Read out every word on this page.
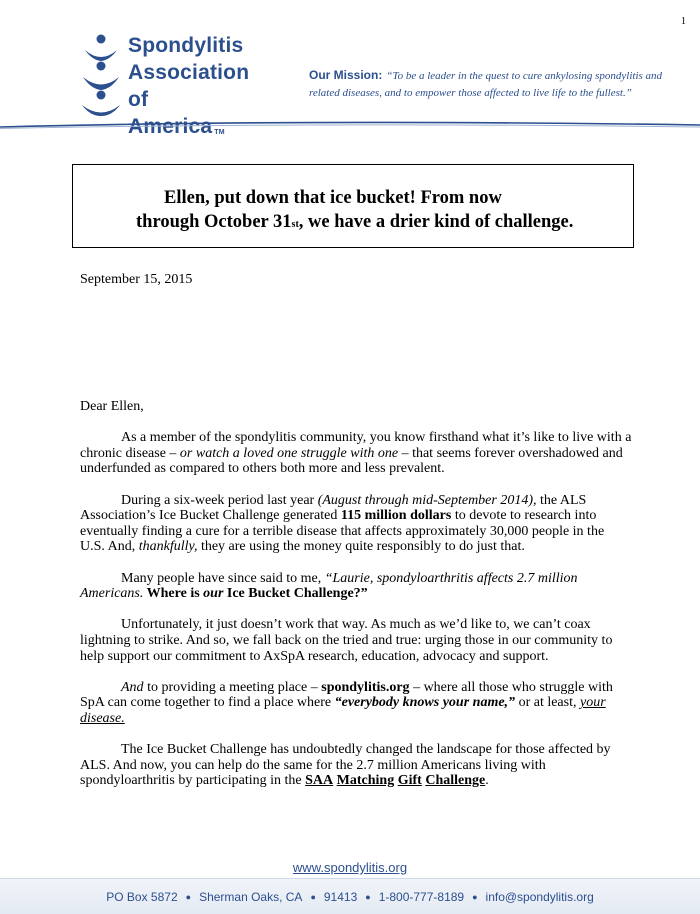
1
Spondylitis
Association
of America ™
Our Mission: “To be a leader in the quest to cure ankylosing spondylitis and related diseases, and to empower those affected to live life to the fullest.”
Ellen, put down that ice bucket! From now
through October 31st, we have a drier kind of challenge.
September 15, 2015

Dear Ellen,

As a member of the spondylitis community, you know firsthand what it’s like to live with a chronic disease – or watch a loved one struggle with one – that seems forever overshadowed and underfunded as compared to others both more and less prevalent.

During a six-week period last year (August through mid-September 2014), the ALS Association’s Ice Bucket Challenge generated 115 million dollars to devote to research into eventually finding a cure for a terrible disease that affects approximately 30,000 people in the U.S. And, thankfully, they are using the money quite responsibly to do just that.

Many people have since said to me, “Laurie, spondyloarthritis affects 2.7 million Americans. Where is our Ice Bucket Challenge?”

Unfortunately, it just doesn’t work that way. As much as we’d like to, we can’t coax lightning to strike. And so, we fall back on the tried and true: urging those in our community to help support our commitment to AxSpA research, education, advocacy and support.

And to providing a meeting place – spondylitis.org – where all those who struggle with SpA can come together to find a place where “everybody knows your name,” or at least, your disease.

The Ice Bucket Challenge has undoubtedly changed the landscape for those affected by ALS. And now, you can help do the same for the 2.7 million Americans living with spondyloarthritis by participating in the SAA Matching Gift Challenge.

www.spondylitis.org
PO Box 5872 ● Sherman Oaks, CA ● 91413 ● 1-800-777-8189 ● info@spondylitis.org
